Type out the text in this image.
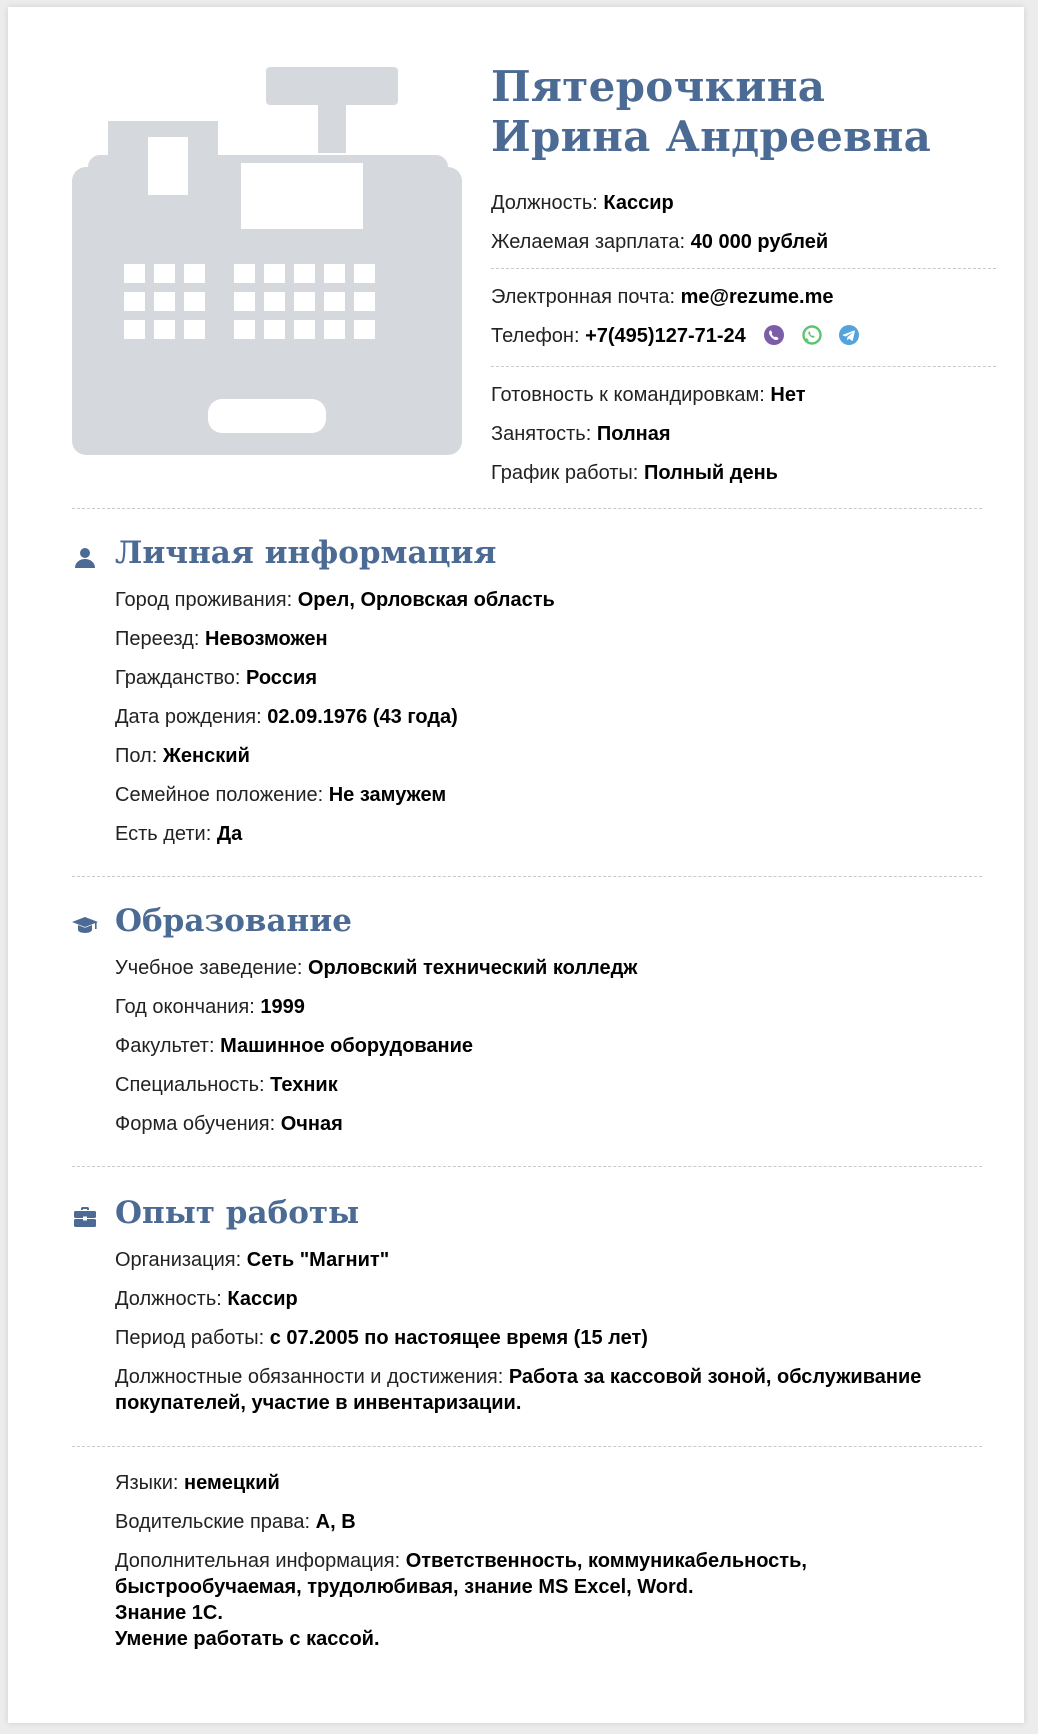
Пятерочкина Ирина Андреевна
Должность: Кассир
Желаемая зарплата: 40 000 рублей
Электронная почта: me@rezume.me
Телефон: +7(495)127-71-24
Готовность к командировкам: Нет
Занятость: Полная
График работы: Полный день
Личная информация
Город проживания: Орел, Орловская область
Переезд: Невозможен
Гражданство: Россия
Дата рождения: 02.09.1976 (43 года)
Пол: Женский
Семейное положение: Не замужем
Есть дети: Да
Образование
Учебное заведение: Орловский технический колледж
Год окончания: 1999
Факультет: Машинное оборудование
Специальность: Техник
Форма обучения: Очная
Опыт работы
Организация: Сеть "Магнит"
Должность: Кассир
Период работы: с 07.2005 по настоящее время (15 лет)
Должностные обязанности и достижения: Работа за кассовой зоной, обслуживание покупателей, участие в инвентаризации.
Языки: немецкий
Водительские права: A, B
Дополнительная информация: Ответственность, коммуникабельность, быстрообучаемая, трудолюбивая, знание MS Excel, Word.
Знание 1С.
Умение работать с кассой.
